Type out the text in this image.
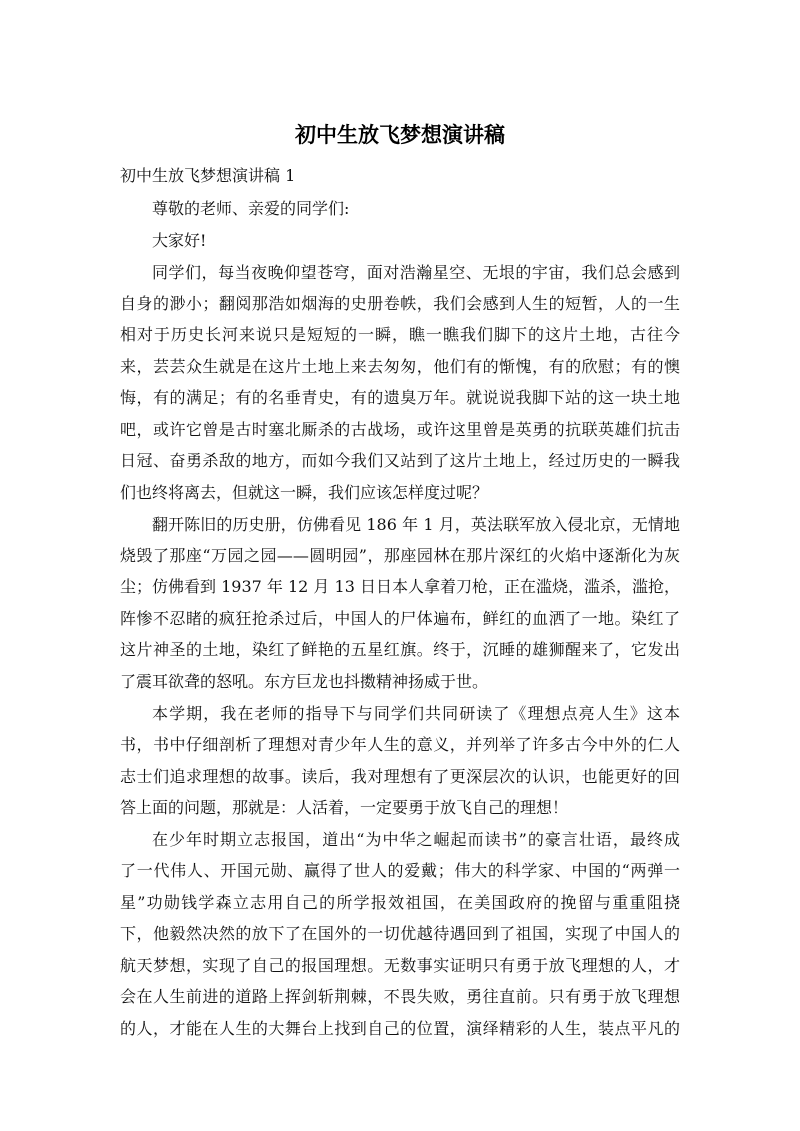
初中生放飞梦想演讲稿

初中生放飞梦想演讲稿 1

尊敬的老师、亲爱的同学们:

大家好!

同学们，每当夜晚仰望苍穹，面对浩瀚星空、无垠的宇宙，我们总会感到

自身的渺小；翻阅那浩如烟海的史册卷帙，我们会感到人生的短暂，人的一生

相对于历史长河来说只是短短的一瞬，瞧一瞧我们脚下的这片土地，古往今

来，芸芸众生就是在这片土地上来去匆匆，他们有的惭愧，有的欣慰；有的懊

悔，有的满足；有的名垂青史，有的遗臭万年。就说说我脚下站的这一块土地

吧，或许它曾是古时塞北厮杀的古战场，或许这里曾是英勇的抗联英雄们抗击

日冠、奋勇杀敌的地方，而如今我们又站到了这片土地上，经过历史的一瞬我

们也终将离去，但就这一瞬，我们应该怎样度过呢？

翻开陈旧的历史册，仿佛看见 186 年 1 月，英法联军放入侵北京，无情地

烧毁了那座“万园之园——圆明园”，那座园林在那片深红的火焰中逐渐化为灰

尘；仿佛看到 1937 年 12 月 13 日日本人拿着刀枪，正在滥烧，滥杀，滥抢，

阵惨不忍睹的疯狂抢杀过后，中国人的尸体遍布，鲜红的血洒了一地。染红了

这片神圣的土地，染红了鲜艳的五星红旗。终于，沉睡的雄狮醒来了，它发出

了震耳欲聋的怒吼。东方巨龙也抖擞精神扬威于世。

本学期，我在老师的指导下与同学们共同研读了《理想点亮人生》这本

书，书中仔细剖析了理想对青少年人生的意义，并列举了许多古今中外的仁人

志士们追求理想的故事。读后，我对理想有了更深层次的认识，也能更好的回

答上面的问题，那就是：人活着，一定要勇于放飞自己的理想！

在少年时期立志报国，道出“为中华之崛起而读书”的豪言壮语，最终成

了一代伟人、开国元勋、赢得了世人的爱戴；伟大的科学家、中国的“两弹一

星”功勋钱学森立志用自己的所学报效祖国，在美国政府的挽留与重重阻挠

下，他毅然决然的放下了在国外的一切优越待遇回到了祖国，实现了中国人的

航天梦想，实现了自己的报国理想。无数事实证明只有勇于放飞理想的人，才

会在人生前进的道路上挥剑斩荆棘，不畏失败，勇往直前。只有勇于放飞理想

的人，才能在人生的大舞台上找到自己的位置，演绎精彩的人生，装点平凡的
